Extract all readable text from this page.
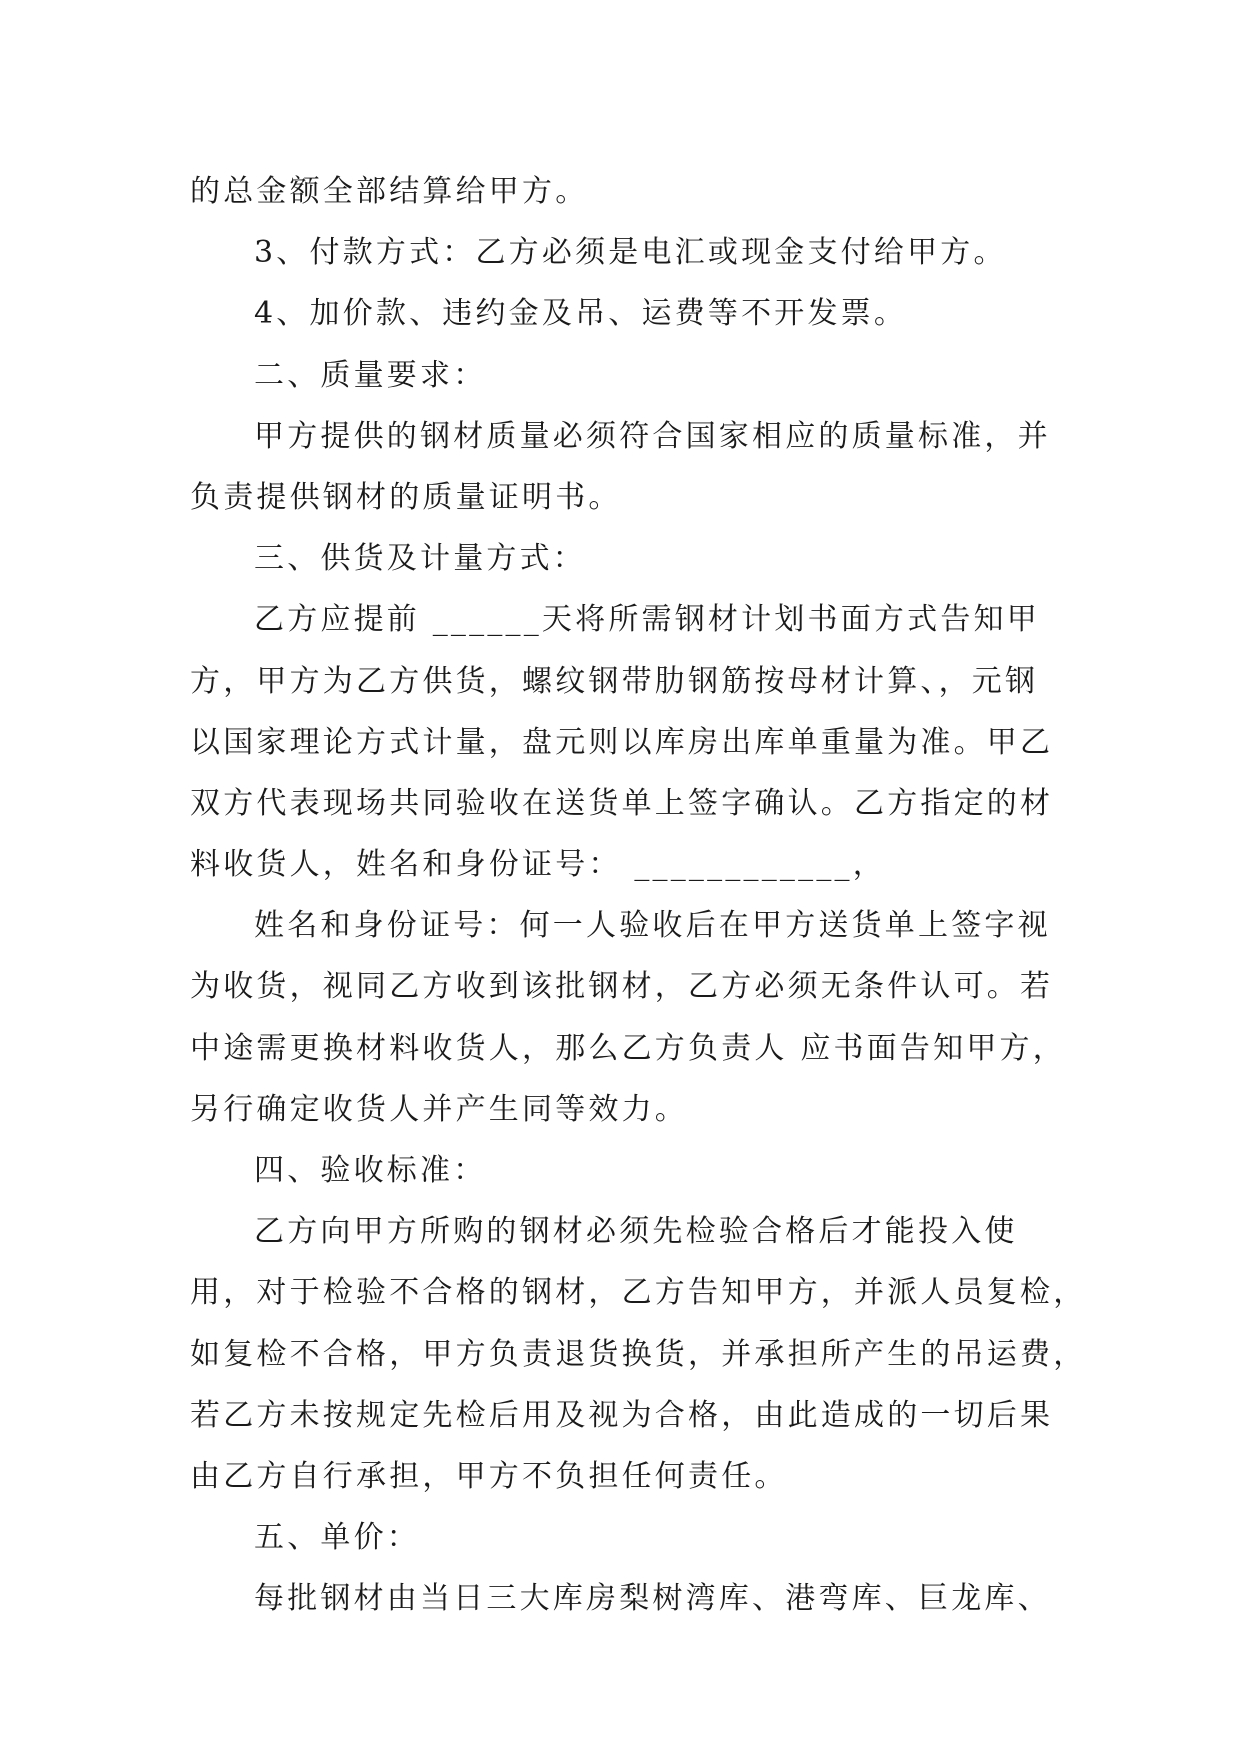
的总金额全部结算给甲方。
3、付款方式：乙方必须是电汇或现金支付给甲方。
4、加价款、违约金及吊、运费等不开发票。
二、质量要求：
甲方提供的钢材质量必须符合国家相应的质量标准，并
负责提供钢材的质量证明书。
三、供货及计量方式：
乙方应提前 ______天将所需钢材计划书面方式告知甲
方，甲方为乙方供货，螺纹钢带肋钢筋按母材计算、，元钢
以国家理论方式计量，盘元则以库房出库单重量为准。甲乙
双方代表现场共同验收在送货单上签字确认。乙方指定的材
料收货人，姓名和身份证号： ____________，
姓名和身份证号：何一人验收后在甲方送货单上签字视
为收货，视同乙方收到该批钢材，乙方必须无条件认可。若
中途需更换材料收货人，那么乙方负责人 应书面告知甲方，
另行确定收货人并产生同等效力。
四、验收标准：
乙方向甲方所购的钢材必须先检验合格后才能投入使
用，对于检验不合格的钢材，乙方告知甲方，并派人员复检，
如复检不合格，甲方负责退货换货，并承担所产生的吊运费，
若乙方未按规定先检后用及视为合格，由此造成的一切后果
由乙方自行承担，甲方不负担任何责任。
五、单价：
每批钢材由当日三大库房梨树湾库、港弯库、巨龙库、
